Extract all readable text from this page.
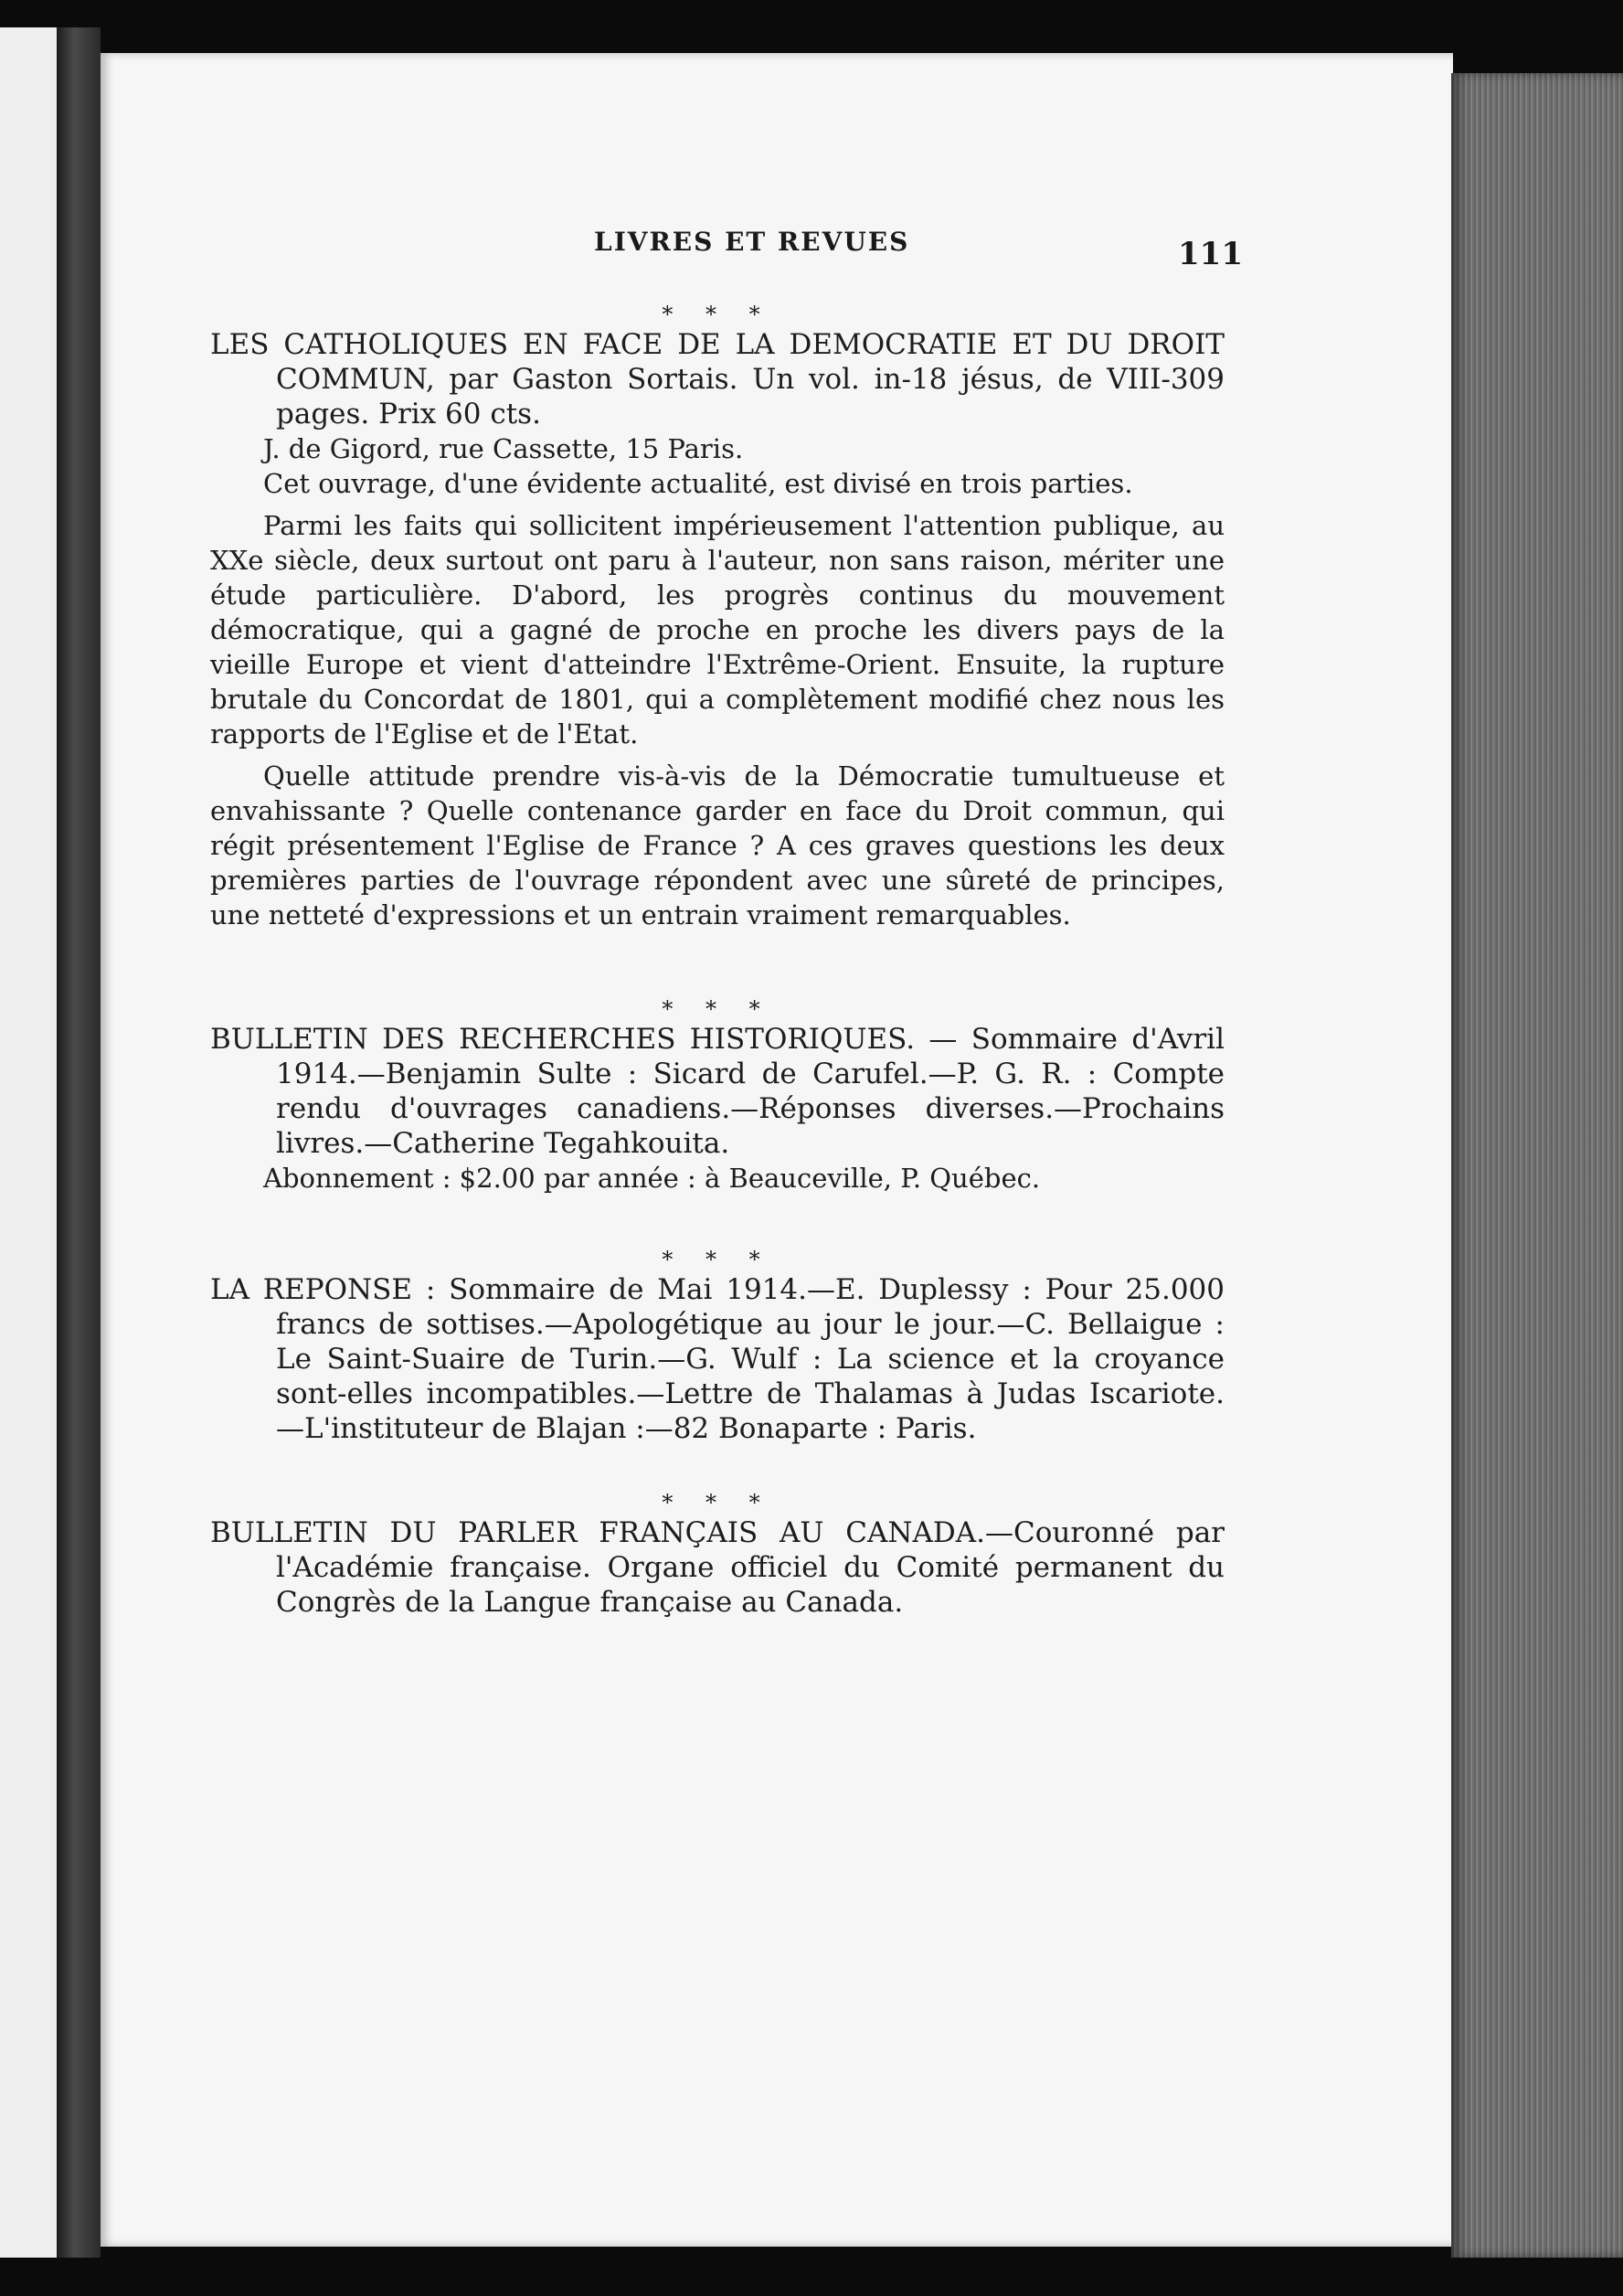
LIVRES ET REVUES	111

* * *

LES CATHOLIQUES EN FACE DE LA DEMOCRATIE ET DU DROIT COMMUN, par Gaston Sortais. Un vol. in-18 jésus, de VIII-309 pages. Prix 60 cts.

J. de Gigord, rue Cassette, 15 Paris.

Cet ouvrage, d'une évidente actualité, est divisé en trois parties.

Parmi les faits qui sollicitent impérieusement l'attention publique, au XXe siècle, deux surtout ont paru à l'auteur, non sans raison, mériter une étude particulière. D'abord, les progrès continus du mouvement démocratique, qui a gagné de proche en proche les divers pays de la vieille Europe et vient d'atteindre l'Extrême-Orient. Ensuite, la rupture brutale du Concordat de 1801, qui a complètement modifié chez nous les rapports de l'Eglise et de l'Etat.

Quelle attitude prendre vis-à-vis de la Démocratie tumultueuse et envahissante ? Quelle contenance garder en face du Droit commun, qui régit présentement l'Eglise de France ? A ces graves questions les deux premières parties de l'ouvrage répondent avec une sûreté de principes, une netteté d'expressions et un entrain vraiment remarquables.

* * *

BULLETIN DES RECHERCHES HISTORIQUES. — Sommaire d'Avril 1914.—Benjamin Sulte : Sicard de Carufel.—P. G. R. : Compte rendu d'ouvrages canadiens.—Réponses diverses.—Prochains livres.—Catherine Tegahkouita.

Abonnement : $2.00 par année : à Beauceville, P. Québec.

* * *

LA REPONSE : Sommaire de Mai 1914.—E. Duplessy : Pour 25.000 francs de sottises.—Apologétique au jour le jour.—C. Bellaigue : Le Saint-Suaire de Turin.—G. Wulf : La science et la croyance sont-elles incompatibles.—Lettre de Thalamas à Judas Iscariote.—L'instituteur de Blajan :—82 Bonaparte : Paris.

* * *

BULLETIN DU PARLER FRANÇAIS AU CANADA.—Couronné par l'Académie française. Organe officiel du Comité permanent du Congrès de la Langue française au Canada.
